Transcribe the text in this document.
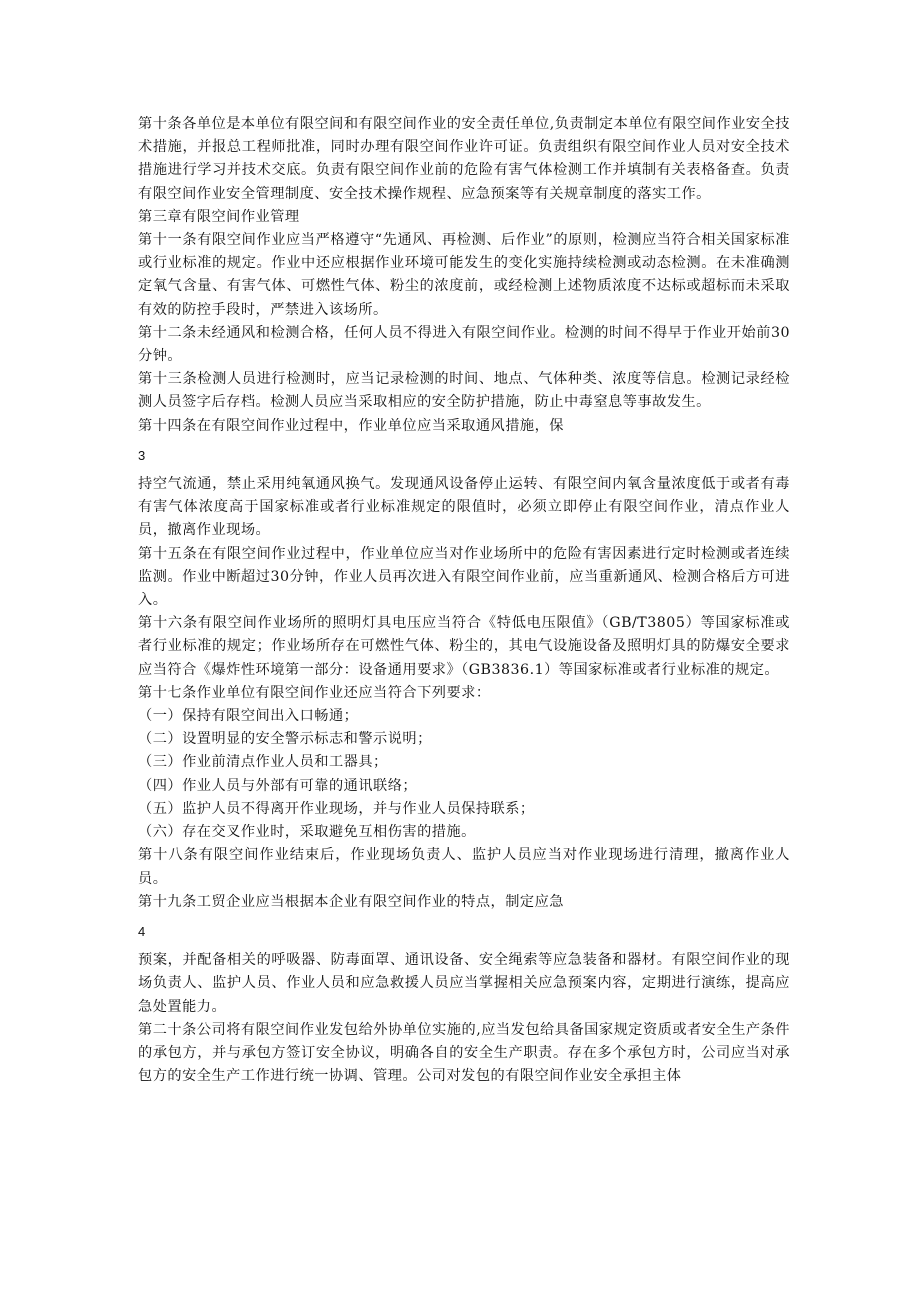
第十条各单位是本单位有限空间和有限空间作业的安全责任单位,负责制定本单位有限空间作业安全技术措施，并报总工程师批准，同时办理有限空间作业许可证。负责组织有限空间作业人员对安全技术措施进行学习并技术交底。负责有限空间作业前的危险有害气体检测工作并填制有关表格备查。负责有限空间作业安全管理制度、安全技术操作规程、应急预案等有关规章制度的落实工作。

第三章有限空间作业管理

第十一条有限空间作业应当严格遵守“先通风、再检测、后作业”的原则，检测应当符合相关国家标准或行业标准的规定。作业中还应根据作业环境可能发生的变化实施持续检测或动态检测。在未准确测定氧气含量、有害气体、可燃性气体、粉尘的浓度前，或经检测上述物质浓度不达标或超标而未采取有效的防控手段时，严禁进入该场所。

第十二条未经通风和检测合格，任何人员不得进入有限空间作业。检测的时间不得早于作业开始前30分钟。

第十三条检测人员进行检测时，应当记录检测的时间、地点、气体种类、浓度等信息。检测记录经检测人员签字后存档。检测人员应当采取相应的安全防护措施，防止中毒窒息等事故发生。

第十四条在有限空间作业过程中，作业单位应当采取通风措施，保

3

持空气流通，禁止采用纯氧通风换气。发现通风设备停止运转、有限空间内氧含量浓度低于或者有毒有害气体浓度高于国家标准或者行业标准规定的限值时，必须立即停止有限空间作业，清点作业人员，撤离作业现场。

第十五条在有限空间作业过程中，作业单位应当对作业场所中的危险有害因素进行定时检测或者连续监测。作业中断超过30分钟，作业人员再次进入有限空间作业前，应当重新通风、检测合格后方可进入。

第十六条有限空间作业场所的照明灯具电压应当符合《特低电压限值》（GB/T3805）等国家标准或者行业标准的规定；作业场所存在可燃性气体、粉尘的，其电气设施设备及照明灯具的防爆安全要求应当符合《爆炸性环境第一部分：设备通用要求》（GB3836.1）等国家标准或者行业标准的规定。

第十七条作业单位有限空间作业还应当符合下列要求：

（一）保持有限空间出入口畅通；

（二）设置明显的安全警示标志和警示说明；

（三）作业前清点作业人员和工器具；

（四）作业人员与外部有可靠的通讯联络；

（五）监护人员不得离开作业现场，并与作业人员保持联系；

（六）存在交叉作业时，采取避免互相伤害的措施。

第十八条有限空间作业结束后，作业现场负责人、监护人员应当对作业现场进行清理，撤离作业人员。

第十九条工贸企业应当根据本企业有限空间作业的特点，制定应急

4

预案，并配备相关的呼吸器、防毒面罩、通讯设备、安全绳索等应急装备和器材。有限空间作业的现场负责人、监护人员、作业人员和应急救援人员应当掌握相关应急预案内容，定期进行演练，提高应急处置能力。

第二十条公司将有限空间作业发包给外协单位实施的,应当发包给具备国家规定资质或者安全生产条件的承包方，并与承包方签订安全协议，明确各自的安全生产职责。存在多个承包方时，公司应当对承包方的安全生产工作进行统一协调、管理。公司对发包的有限空间作业安全承担主体
